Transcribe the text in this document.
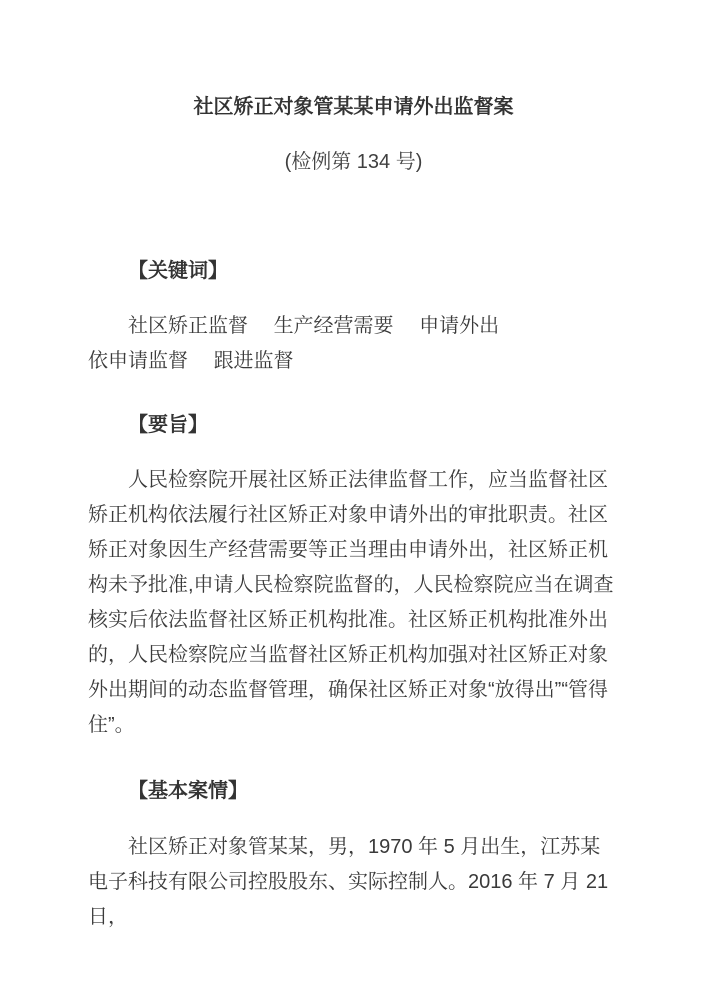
社区矫正对象管某某申请外出监督案

(检例第 134 号)

【关键词】

社区矫正监督 生产经营需要 申请外出 依申请监督 跟进监督

【要旨】

人民检察院开展社区矫正法律监督工作，应当监督社区矫正机构依法履行社区矫正对象申请外出的审批职责。社区矫正对象因生产经营需要等正当理由申请外出，社区矫正机构未予批准,申请人民检察院监督的，人民检察院应当在调查核实后依法监督社区矫正机构批准。社区矫正机构批准外出的，人民检察院应当监督社区矫正机构加强对社区矫正对象外出期间的动态监督管理，确保社区矫正对象“放得出”“管得住”。

【基本案情】

社区矫正对象管某某，男，1970 年 5 月出生，江苏某电子科技有限公司控股股东、实际控制人。2016 年 7 月 21 日，
